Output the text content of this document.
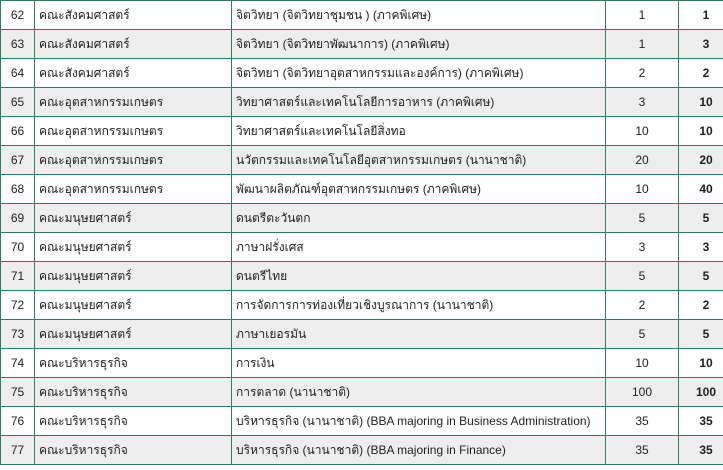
62	คณะสังคมศาสตร์	จิตวิทยา (จิตวิทยาชุมชน ) (ภาคพิเศษ)	1	1
63	คณะสังคมศาสตร์	จิตวิทยา (จิตวิทยาพัฒนาการ) (ภาคพิเศษ)	1	3
64	คณะสังคมศาสตร์	จิตวิทยา (จิตวิทยาอุตสาหกรรมและองค์การ) (ภาคพิเศษ)	2	2
65	คณะอุตสาหกรรมเกษตร	วิทยาศาสตร์และเทคโนโลยีการอาหาร (ภาคพิเศษ)	3	10
66	คณะอุตสาหกรรมเกษตร	วิทยาศาสตร์และเทคโนโลยีสิ่งทอ	10	10
67	คณะอุตสาหกรรมเกษตร	นวัตกรรมและเทคโนโลยีอุตสาหกรรมเกษตร (นานาชาติ)	20	20
68	คณะอุตสาหกรรมเกษตร	พัฒนาผลิตภัณฑ์อุตสาหกรรมเกษตร (ภาคพิเศษ)	10	40
69	คณะมนุษยศาสตร์	ดนตรีตะวันตก	5	5
70	คณะมนุษยศาสตร์	ภาษาฝรั่งเศส	3	3
71	คณะมนุษยศาสตร์	ดนตรีไทย	5	5
72	คณะมนุษยศาสตร์	การจัดการการท่องเที่ยวเชิงบูรณาการ (นานาชาติ)	2	2
73	คณะมนุษยศาสตร์	ภาษาเยอรมัน	5	5
74	คณะบริหารธุรกิจ	การเงิน	10	10
75	คณะบริหารธุรกิจ	การตลาด (นานาชาติ)	100	100
76	คณะบริหารธุรกิจ	บริหารธุรกิจ (นานาชาติ) (BBA majoring in Business Administration)	35	35
77	คณะบริหารธุรกิจ	บริหารธุรกิจ (นานาชาติ) (BBA majoring in Finance)	35	35
